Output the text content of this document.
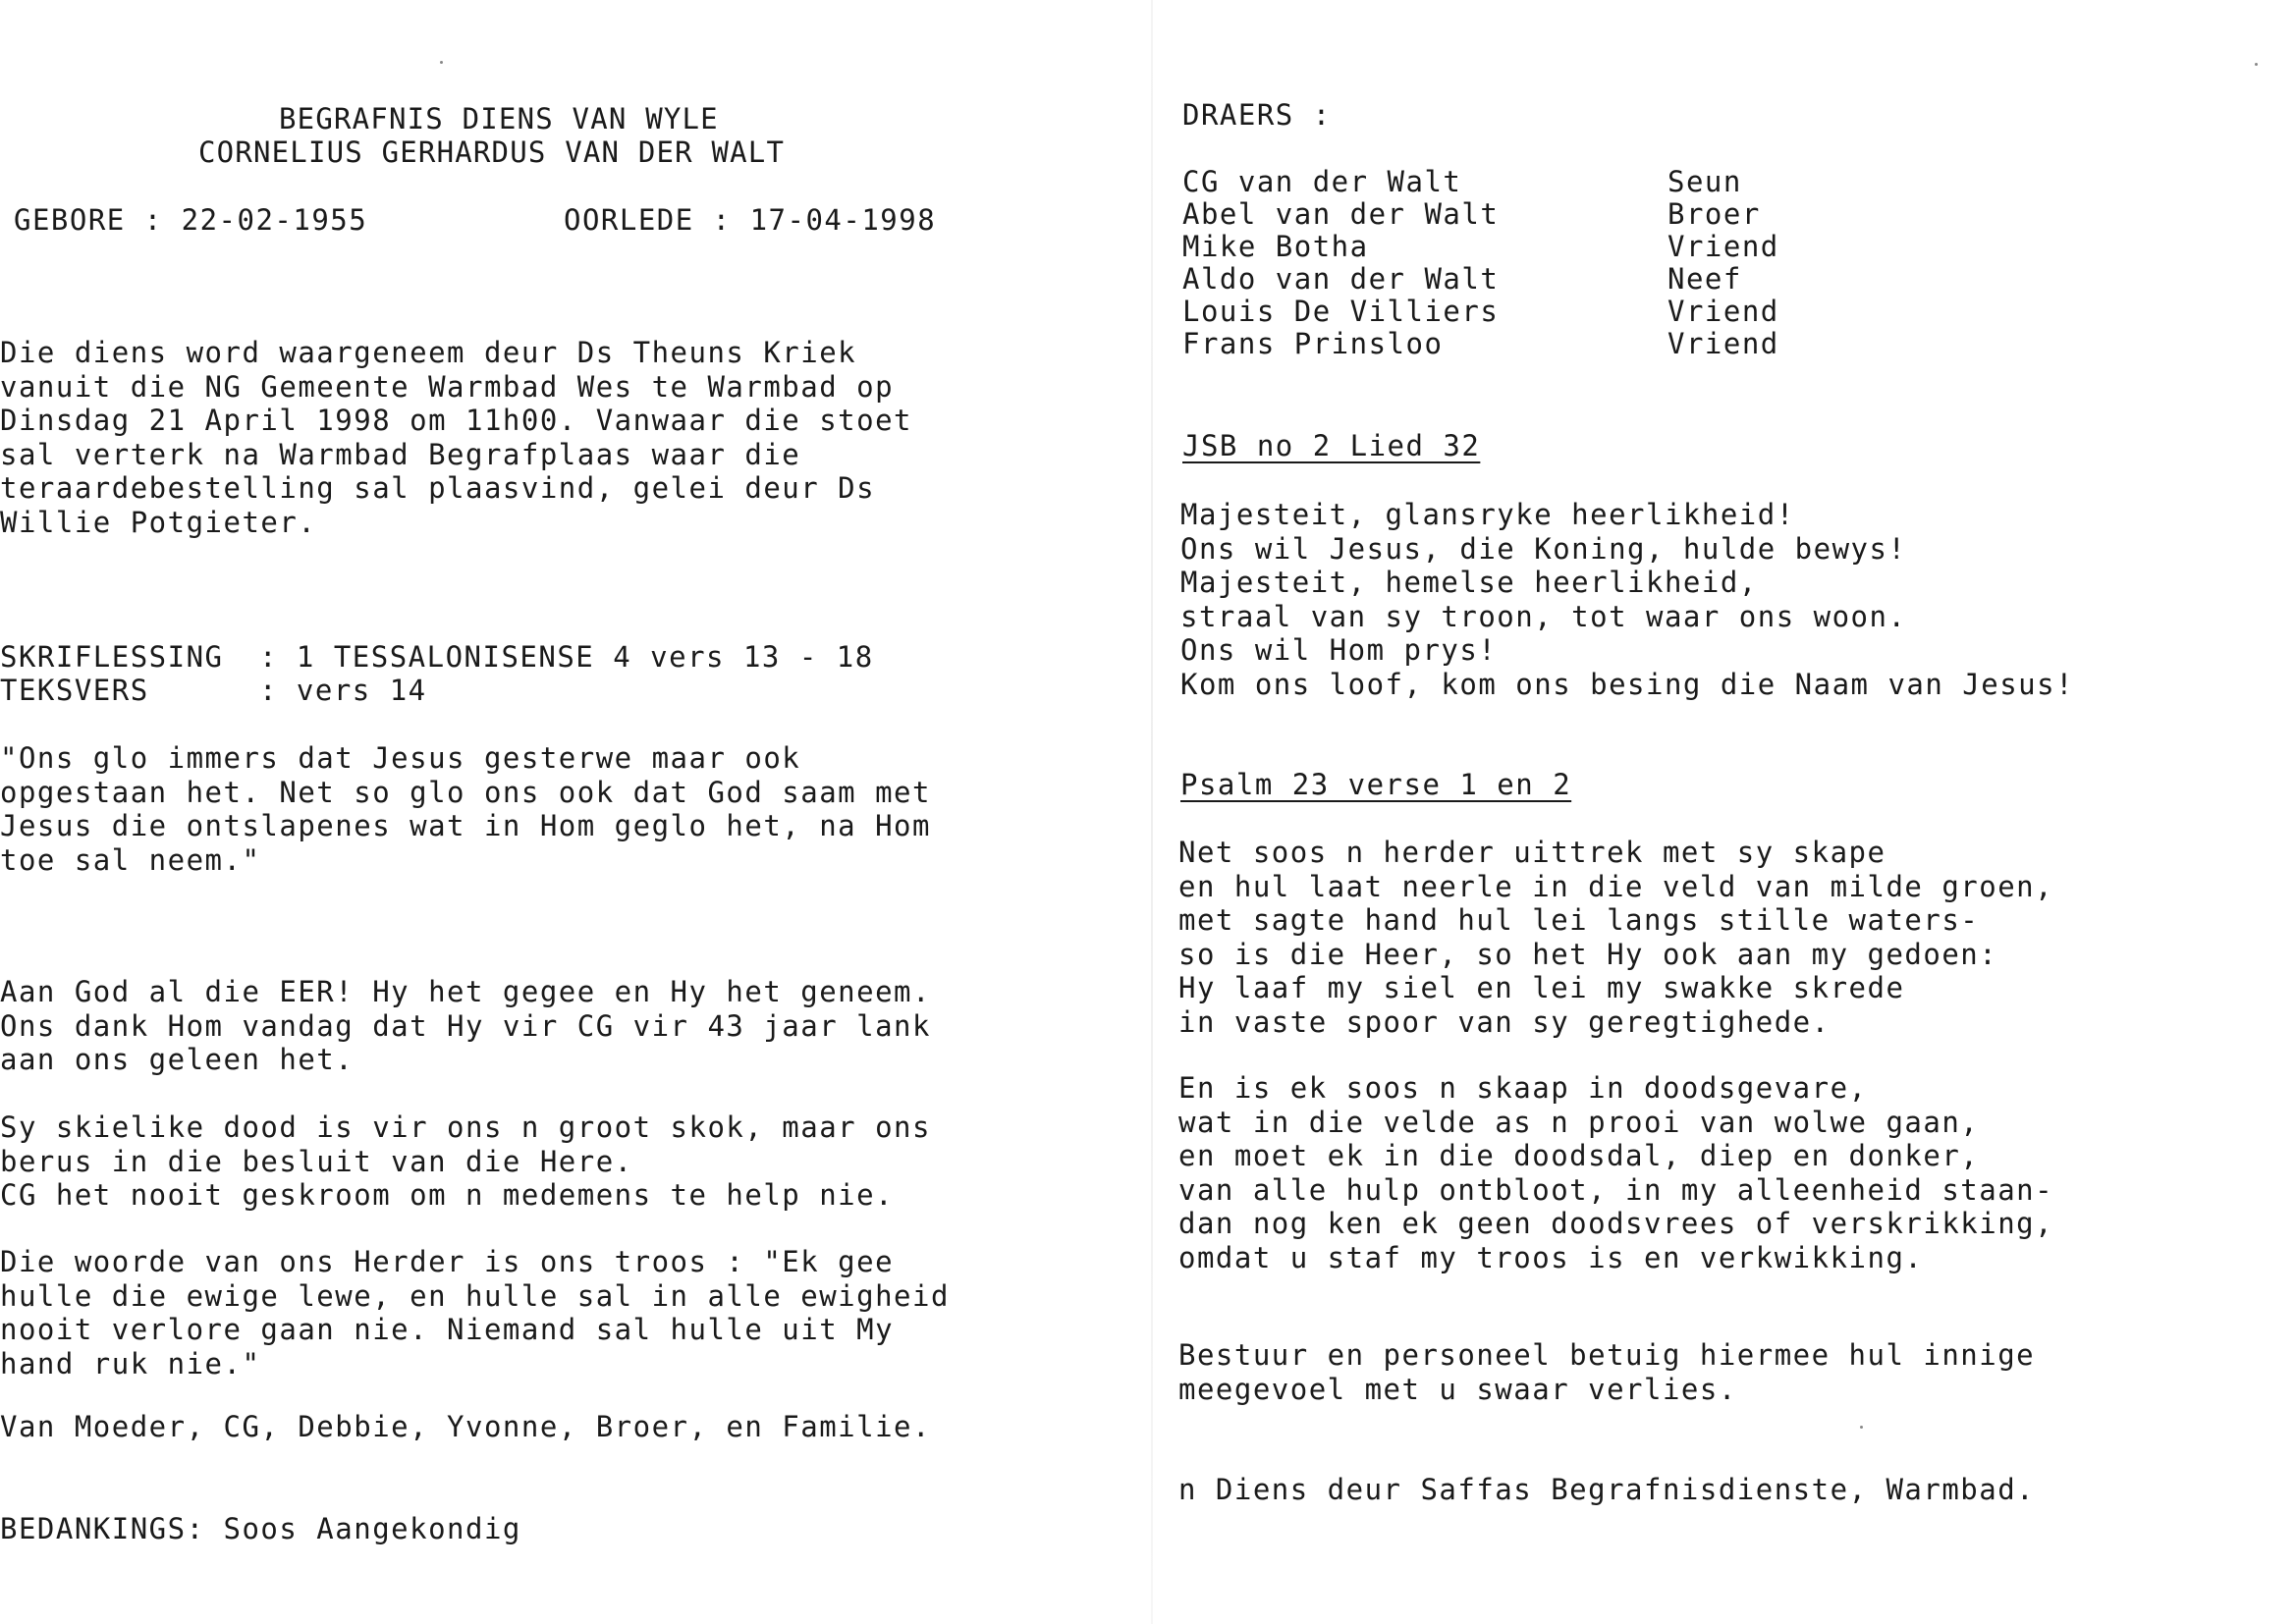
BEGRAFNIS DIENS VAN WYLE
CORNELIUS GERHARDUS VAN DER WALT
GEBORE : 22-02-1955	OORLEDE : 17-04-1998
Die diens word waargeneem deur Ds Theuns Kriek
vanuit die NG Gemeente Warmbad Wes te Warmbad op
Dinsdag 21 April 1998 om 11h00. Vanwaar die stoet
sal verterk na Warmbad Begrafplaas waar die
teraardebestelling sal plaasvind, gelei deur Ds
Willie Potgieter.
SKRIFLESSING : 1 TESSALONISENSE 4 vers 13 - 18
TEKSVERS	: vers 14
"Ons glo immers dat Jesus gesterwe maar ook
opgestaan het. Net so glo ons ook dat God saam met
Jesus die ontslapenes wat in Hom geglo het, na Hom
toe sal neem."
Aan God al die EER! Hy het gegee en Hy het geneem.
Ons dank Hom vandag dat Hy vir CG vir 43 jaar lank
aan ons geleen het.
Sy skielike dood is vir ons n groot skok, maar ons
berus in die besluit van die Here.
CG het nooit geskroom om n medemens te help nie.
Die woorde van ons Herder is ons troos : "Ek gee
hulle die ewige lewe, en hulle sal in alle ewigheid
nooit verlore gaan nie. Niemand sal hulle uit My
hand ruk nie."
Van Moeder, CG, Debbie, Yvonne, Broer, en Familie.
BEDANKINGS: Soos Aangekondig
DRAERS :
CG van der Walt	Seun
Abel van der Walt	Broer
Mike Botha	Vriend
Aldo van der Walt	Neef
Louis De Villiers	Vriend
Frans Prinsloo	Vriend
JSB no 2 Lied 32
Majesteit, glansryke heerlikheid!
Ons wil Jesus, die Koning, hulde bewys!
Majesteit, hemelse heerlikheid,
straal van sy troon, tot waar ons woon.
Ons wil Hom prys!
Kom ons loof, kom ons besing die Naam van Jesus!
Psalm 23 verse 1 en 2
Net soos n herder uittrek met sy skape
en hul laat neerle in die veld van milde groen,
met sagte hand hul lei langs stille waters-
so is die Heer, so het Hy ook aan my gedoen:
Hy laaf my siel en lei my swakke skrede
in vaste spoor van sy geregtighede.
En is ek soos n skaap in doodsgevare,
wat in die velde as n prooi van wolwe gaan,
en moet ek in die doodsdal, diep en donker,
van alle hulp ontbloot, in my alleenheid staan-
dan nog ken ek geen doodsvrees of verskrikking,
omdat u staf my troos is en verkwikking.
Bestuur en personeel betuig hiermee hul innige
meegevoel met u swaar verlies.
n Diens deur Saffas Begrafnisdienste, Warmbad.
